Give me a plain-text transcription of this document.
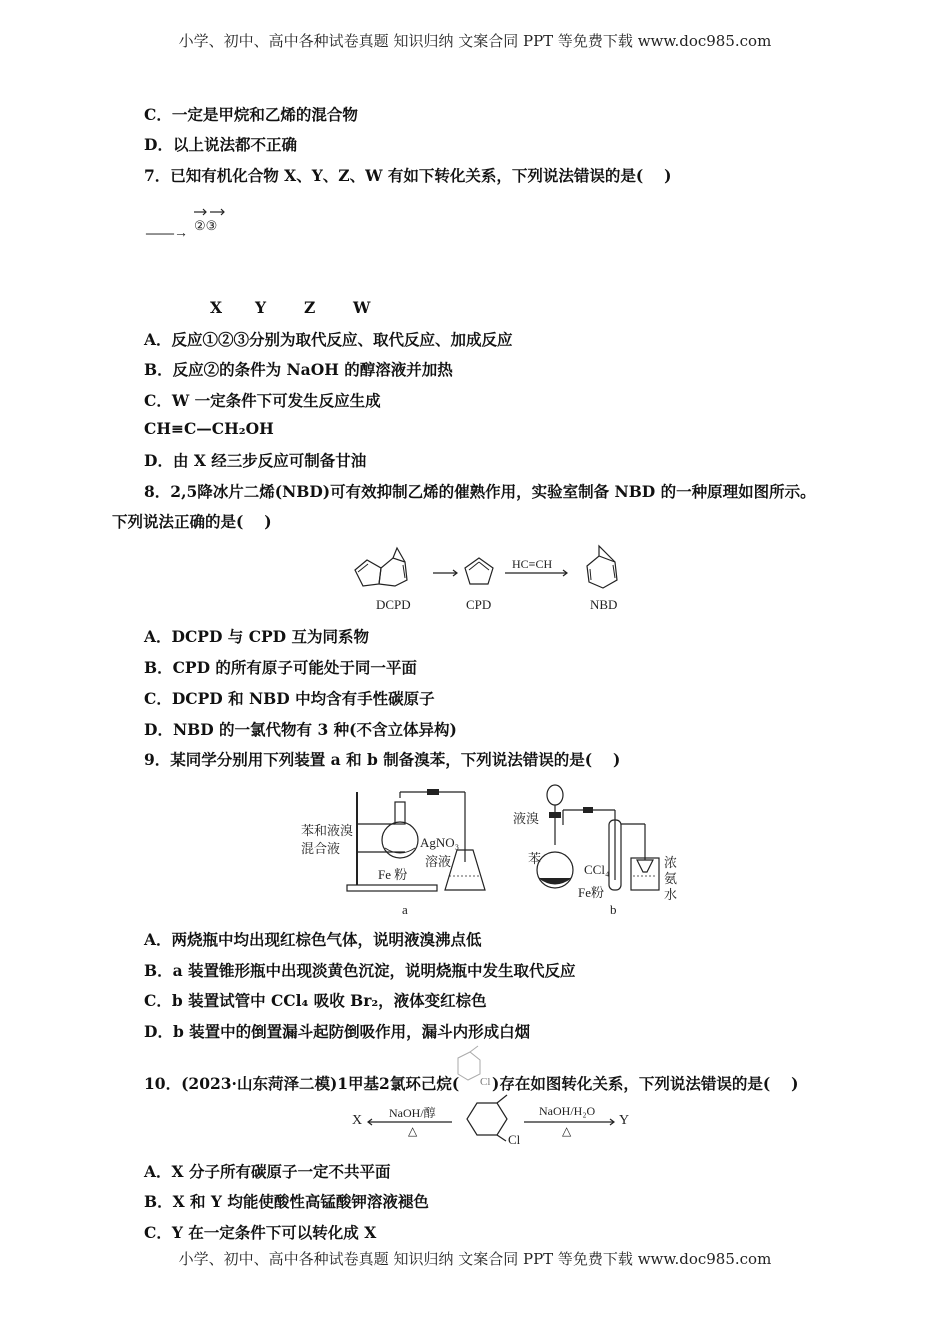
小学、初中、高中各种试卷真题 知识归纳 文案合同 PPT 等免费下载 www.doc985.com
C．一定是甲烷和乙烯的混合物
D．以上说法都不正确
7．已知有机化合物 X、Y、Z、W 有如下转化关系，下列说法错误的是(　 )
——→
②③
X Y Z W
A．反应①②③分别为取代反应、取代反应、加成反应
B．反应②的条件为 NaOH 的醇溶液并加热
C．W 一定条件下可发生反应生成
CH≡C—CH₂OH
D．由 X 经三步反应可制备甘油
8．2,5降冰片二烯(NBD)可有效抑制乙烯的催熟作用，实验室制备 NBD 的一种原理如图所示。
下列说法正确的是(　 )
HC≡CH
DCPD	CPD	NBD
A．DCPD 与 CPD 互为同系物
B．CPD 的所有原子可能处于同一平面
C．DCPD 和 NBD 中均含有手性碳原子
D．NBD 的一氯代物有 3 种(不含立体异构)
9．某同学分别用下列装置 a 和 b 制备溴苯，下列说法错误的是(　 )
苯和液溴
混合液	AgNO₃
溶液
Fe 粉
a
液溴
苯
CCl₄
Fe粉
浓
氨
水
b
A．两烧瓶中均出现红棕色气体，说明液溴沸点低
B．a 装置锥形瓶中出现淡黄色沉淀，说明烧瓶中发生取代反应
C．b 装置试管中 CCl₄ 吸收 Br₂，液体变红棕色
D．b 装置中的倒置漏斗起防倒吸作用，漏斗内形成白烟
10．(2023·山东菏泽二模)1甲基2氯环己烷( Cl )存在如图转化关系，下列说法错误的是(　 )
X	Y
NaOH/醇
△
NaOH/H₂O
△
Cl
A．X 分子所有碳原子一定不共平面
B．X 和 Y 均能使酸性高锰酸钾溶液褪色
C．Y 在一定条件下可以转化成 X
小学、初中、高中各种试卷真题 知识归纳 文案合同 PPT 等免费下载 www.doc985.com
